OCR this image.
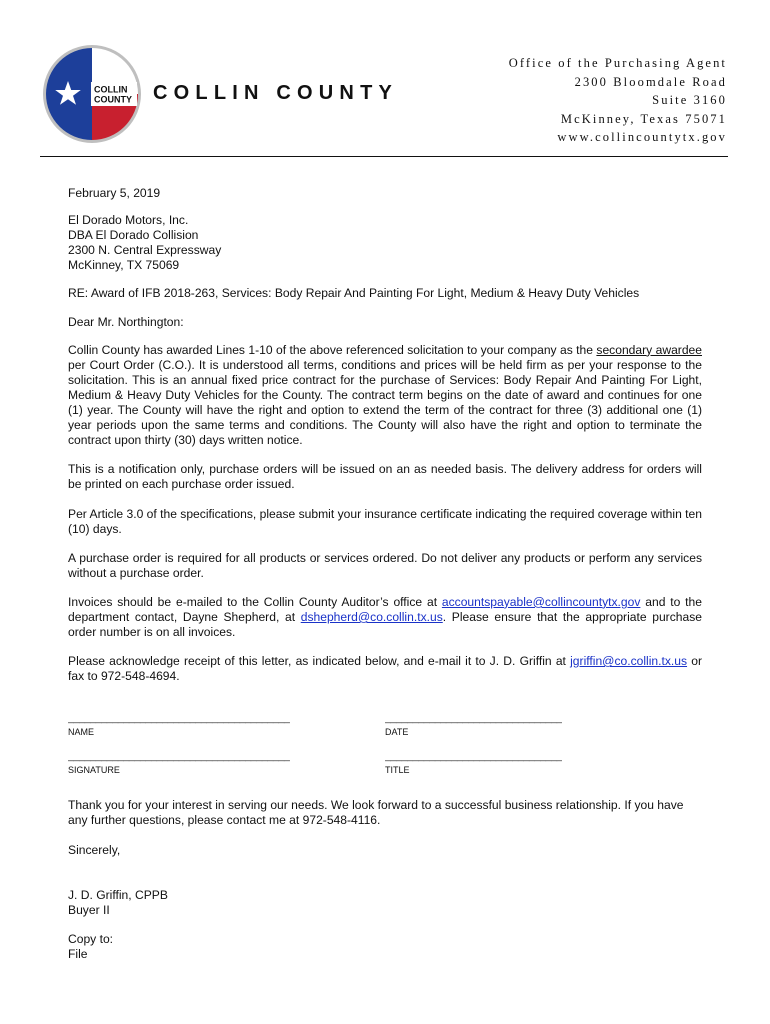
COLLIN
COUNTY COLLIN COUNTY
Office of the Purchasing Agent
2300 Bloomdale Road
Suite 3160
McKinney, Texas 75071
www.collincountytx.gov

February 5, 2019

El Dorado Motors, Inc.
DBA El Dorado Collision
2300 N. Central Expressway
McKinney, TX 75069

RE: Award of IFB 2018-263, Services: Body Repair And Painting For Light, Medium & Heavy Duty Vehicles

Dear Mr. Northington:

Collin County has awarded Lines 1-10 of the above referenced solicitation to your company as the secondary awardee per Court Order (C.O.). It is understood all terms, conditions and prices will be held firm as per your response to the solicitation. This is an annual fixed price contract for the purchase of Services: Body Repair And Painting For Light, Medium & Heavy Duty Vehicles for the County. The contract term begins on the date of award and continues for one (1) year. The County will have the right and option to extend the term of the contract for three (3) additional one (1) year periods upon the same terms and conditions. The County will also have the right and option to terminate the contract upon thirty (30) days written notice.

This is a notification only, purchase orders will be issued on an as needed basis. The delivery address for orders will be printed on each purchase order issued.

Per Article 3.0 of the specifications, please submit your insurance certificate indicating the required coverage within ten (10) days.

A purchase order is required for all products or services ordered. Do not deliver any products or perform any services without a purchase order.

Invoices should be e-mailed to the Collin County Auditor’s office at accountspayable@collincountytx.gov and to the department contact, Dayne Shepherd, at dshepherd@co.collin.tx.us. Please ensure that the appropriate purchase order number is on all invoices.

Please acknowledge receipt of this letter, as indicated below, and e-mail it to J. D. Griffin at jgriffin@co.collin.tx.us or fax to 972-548-4694.

________________________________________
NAME
________________________________
DATE
________________________________________
SIGNATURE
________________________________
TITLE

Thank you for your interest in serving our needs. We look forward to a successful business relationship. If you have any further questions, please contact me at 972-548-4116.

Sincerely,

J. D. Griffin, CPPB
Buyer II

Copy to:
File
